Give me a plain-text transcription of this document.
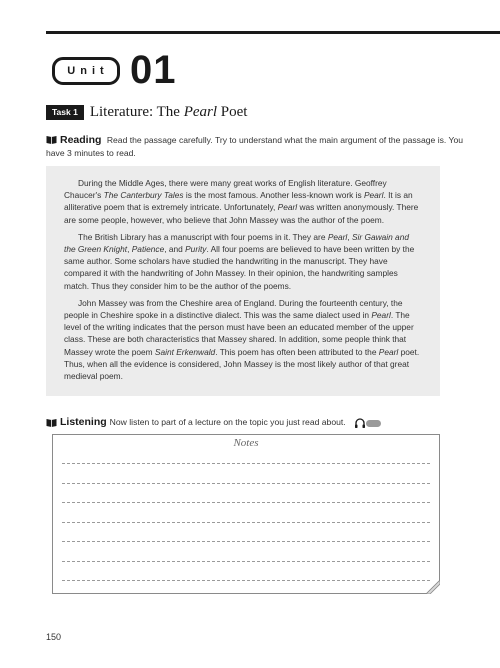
Unit 01
Task 1 Literature: The Pearl Poet
Reading Read the passage carefully. Try to understand what the main argument of the passage is. You have 3 minutes to read.

During the Middle Ages, there were many great works of English literature. Geoffrey Chaucer's The Canterbury Tales is the most famous. Another less-known work is Pearl. It is an alliterative poem that is extremely intricate. Unfortunately, Pearl was written anonymously. There are some people, however, who believe that John Massey was the author of the poem.

The British Library has a manuscript with four poems in it. They are Pearl, Sir Gawain and the Green Knight, Patience, and Purity. All four poems are believed to have been written by the same author. Some scholars have studied the handwriting in the manuscript. They have compared it with the handwriting of John Massey. In their opinion, the handwriting samples match. Thus they consider him to be the author of the poems.

John Massey was from the Cheshire area of England. During the fourteenth century, the people in Cheshire spoke in a distinctive dialect. This was the same dialect used in Pearl. The level of the writing indicates that the person must have been an educated member of the upper class. These are both characteristics that Massey shared. In addition, some people think that Massey wrote the poem Saint Erkenwald. This poem has often been attributed to the Pearl poet. Thus, when all the evidence is considered, John Massey is the most likely author of that great medieval poem.

Listening Now listen to part of a lecture on the topic you just read about.
Notes
150
